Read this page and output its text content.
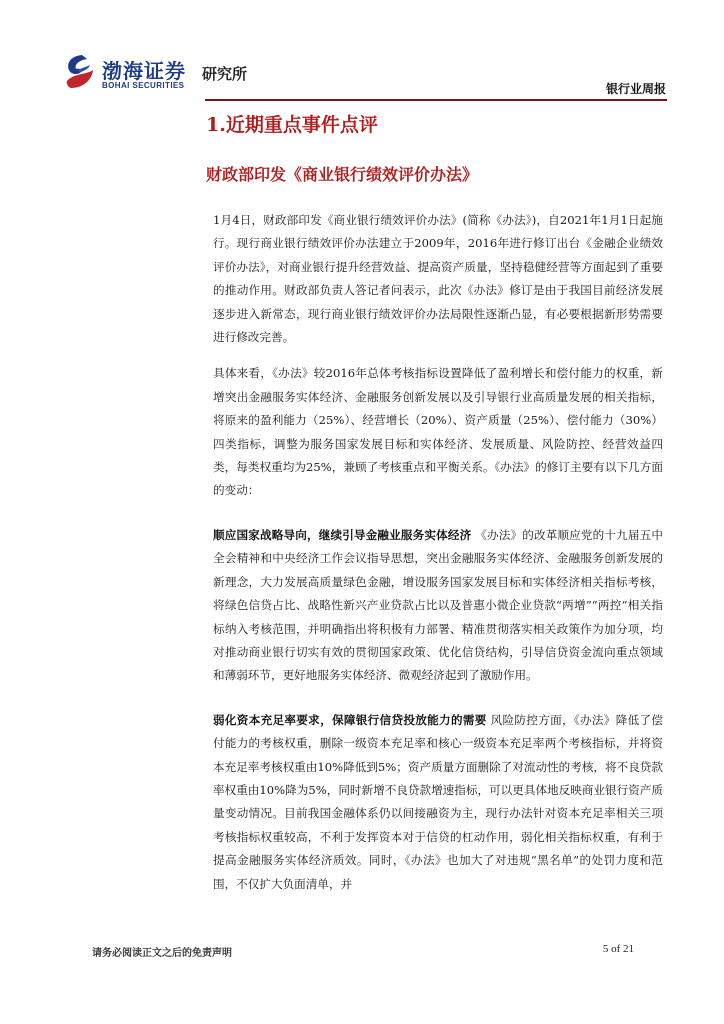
渤海证券
BOHAI SECURITIES
研究所
银行业周报
1.近期重点事件点评
财政部印发《商业银行绩效评价办法》

1月4日，财政部印发《商业银行绩效评价办法》(简称《办法》)，自2021年1月1日起施行。现行商业银行绩效评价办法建立于2009年，2016年进行修订出台《金融企业绩效评价办法》，对商业银行提升经营效益、提高资产质量，坚持稳健经营等方面起到了重要的推动作用。财政部负责人答记者问表示，此次《办法》修订是由于我国目前经济发展逐步进入新常态，现行商业银行绩效评价办法局限性逐渐凸显，有必要根据新形势需要进行修改完善。

具体来看，《办法》较2016年总体考核指标设置降低了盈利增长和偿付能力的权重，新增突出金融服务实体经济、金融服务创新发展以及引导银行业高质量发展的相关指标，将原来的盈利能力（25%）、经营增长（20%）、资产质量（25%）、偿付能力（30%）四类指标，调整为服务国家发展目标和实体经济、发展质量、风险防控、经营效益四类，每类权重均为25%，兼顾了考核重点和平衡关系。《办法》的修订主要有以下几方面的变动：

顺应国家战略导向，继续引导金融业服务实体经济 《办法》的改革顺应党的十九届五中全会精神和中央经济工作会议指导思想，突出金融服务实体经济、金融服务创新发展的新理念，大力发展高质量绿色金融，增设服务国家发展目标和实体经济相关指标考核，将绿色信贷占比、战略性新兴产业贷款占比以及普惠小微企业贷款“两增”“两控”相关指标纳入考核范围，并明确指出将积极有力部署、精准贯彻落实相关政策作为加分项，均对推动商业银行切实有效的贯彻国家政策、优化信贷结构，引导信贷资金流向重点领域和薄弱环节，更好地服务实体经济、微观经济起到了激励作用。

弱化资本充足率要求，保障银行信贷投放能力的需要 风险防控方面，《办法》降低了偿付能力的考核权重，删除一级资本充足率和核心一级资本充足率两个考核指标，并将资本充足率考核权重由10%降低到5%；资产质量方面删除了对流动性的考核，将不良贷款率权重由10%降为5%，同时新增不良贷款增速指标，可以更具体地反映商业银行资产质量变动情况。目前我国金融体系仍以间接融资为主，现行办法针对资本充足率相关三项考核指标权重较高，不利于发挥资本对于信贷的杠动作用，弱化相关指标权重，有利于提高金融服务实体经济质效。同时，《办法》也加大了对违规“黑名单”的处罚力度和范围，不仅扩大负面清单，并

请务必阅读正文之后的免责声明	5 of 21
